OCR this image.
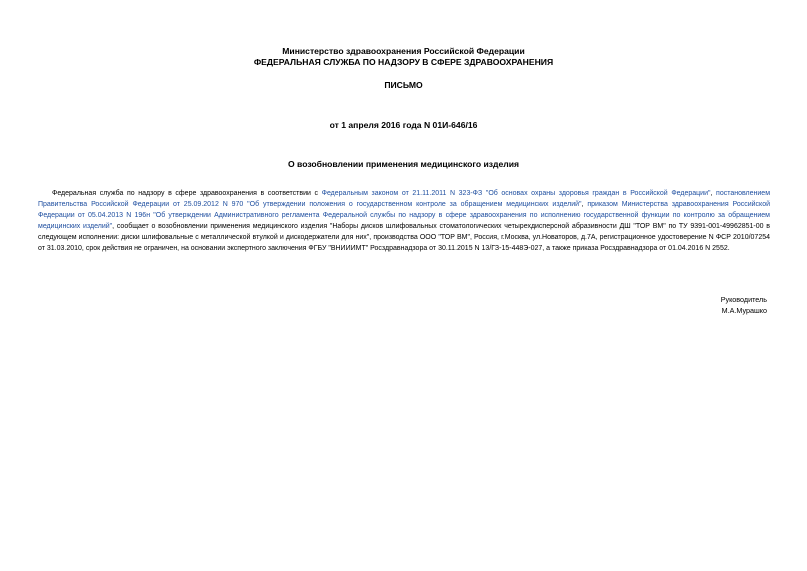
Министерство здравоохранения Российской Федерации
ФЕДЕРАЛЬНАЯ СЛУЖБА ПО НАДЗОРУ В СФЕРЕ ЗДРАВООХРАНЕНИЯ
ПИСЬМО
от 1 апреля 2016 года N 01И-646/16
О возобновлении применения медицинского изделия

Федеральная служба по надзору в сфере здравоохранения в соответствии с Федеральным законом от 21.11.2011 N 323-ФЗ "Об основах охраны здоровья граждан в Российской Федерации", постановлением Правительства Российской Федерации от 25.09.2012 N 970 "Об утверждении положения о государственном контроле за обращением медицинских изделий", приказом Министерства здравоохранения Российской Федерации от 05.04.2013 N 196н "Об утверждении Административного регламента Федеральной службы по надзору в сфере здравоохранения по исполнению государственной функции по контролю за обращением медицинских изделий", сообщает о возобновлении применения медицинского изделия "Наборы дисков шлифовальных стоматологических четырехдисперсной абразивности ДШ "ТОР ВМ" по ТУ 9391-001-49962851-00 в следующем исполнении: диски шлифовальные с металлической втулкой и дискодержатели для них", производства ООО "ТОР ВМ", Россия, г.Москва, ул.Новаторов, д.7А, регистрационное удостоверение N ФСР 2010/07254 от 31.03.2010, срок действия не ограничен, на основании экспертного заключения ФГБУ "ВНИИИМТ" Росздравнадзора от 30.11.2015 N 13/ГЗ-15-448Э-027, а также приказа Росздравнадзора от 01.04.2016 N 2552.

Руководитель
М.А.Мурашко
